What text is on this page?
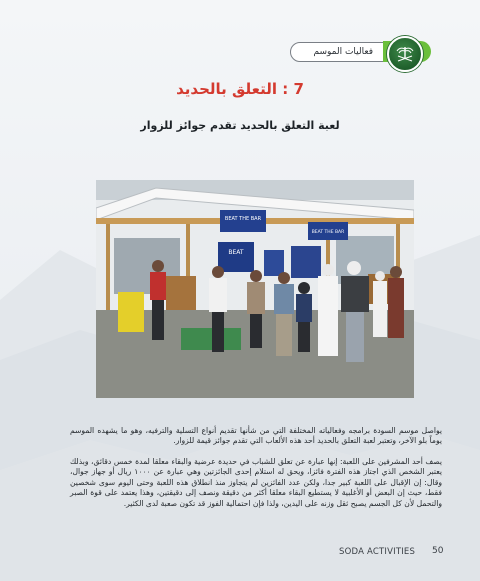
فعاليات الموسم
7 : التعلق بالحديد
لعبة التعلق بالحديد تقدم جوائز للزوار
BEAT THE BAR
BEAT THE BAR
BEAT

يواصل موسم السودة برامجه وفعالياته المختلفة التي من شأنها تقديم أنواع التسلية والترفيه، وهو ما يشهده الموسم يوماً بلو الآخر، وتعتبر لعبة التعلق بالحديد أحد هذه الألعاب التي تقدم جوائز قيمة للزوار.

يصف أحد المشرفين على اللعبة: إنها عبارة عن تعلق للشباب في حديدة عرضية والبقاء معلقا لمدة خمس دقائق، وبذلك يعتبر الشخص الذي اجتاز هذه الفترة فائزا، ويحق له استلام إحدى الجائزتين وهي عبارة عن ١٠٠٠ ريال أو جهاز جوال، وقال: إن الإقبال على اللعبة كبير جدا، ولكن عدد الفائزين لم يتجاوز منذ انطلاق هذه اللعبة وحتى اليوم سوى شخصين فقط، حيث إن البعض أو الأغلبية لا يستطيع البقاء معلقا أكثر من دقيقة ونصف إلى دقيقتين، وهذا يعتمد على قوة الصبر والتحمل لأن كل الجسم يصبح ثقل وزنه على اليدين، ولذا فإن احتمالية الفوز قد تكون صعبة لدى الكثير.

SODA ACTIVITIES 50
